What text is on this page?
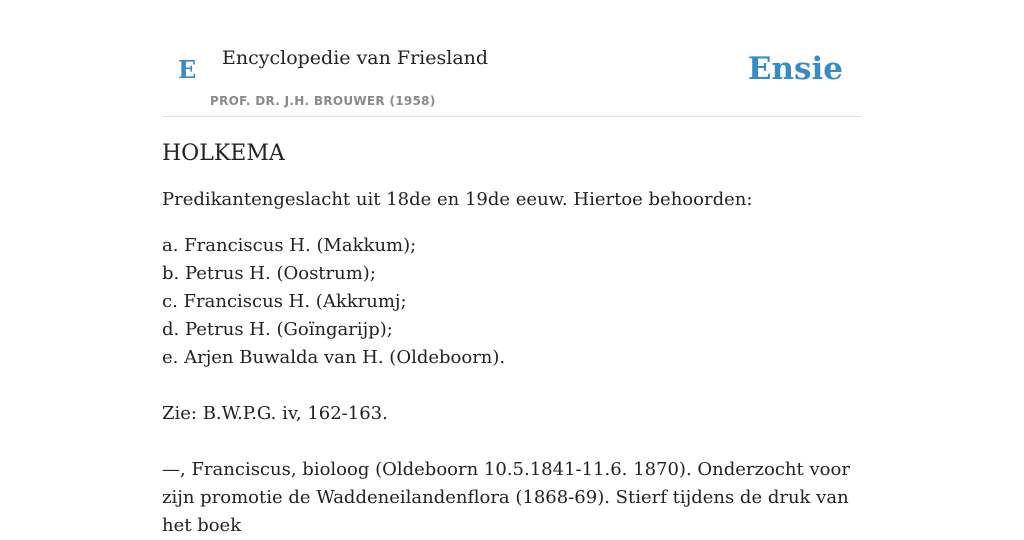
E Encyclopedie van Friesland
PROF. DR. J.H. BROUWER (1958)
Ensie
HOLKEMA

Predikantengeslacht uit 18de en 19de eeuw. Hiertoe behoorden:

a. Franciscus H. (Makkum);
b. Petrus H. (Oostrum);
c. Franciscus H. (Akkrumj;
d. Petrus H. (Goïngarijp);
e. Arjen Buwalda van H. (Oldeboorn).

Zie: B.W.P.G. iv, 162-163.

—, Franciscus, bioloog (Oldeboorn 10.5.1841-11.6. 1870). Onderzocht voor zijn promotie de Waddeneilandenflora (1868-69). Stierf tijdens de druk van het boek
